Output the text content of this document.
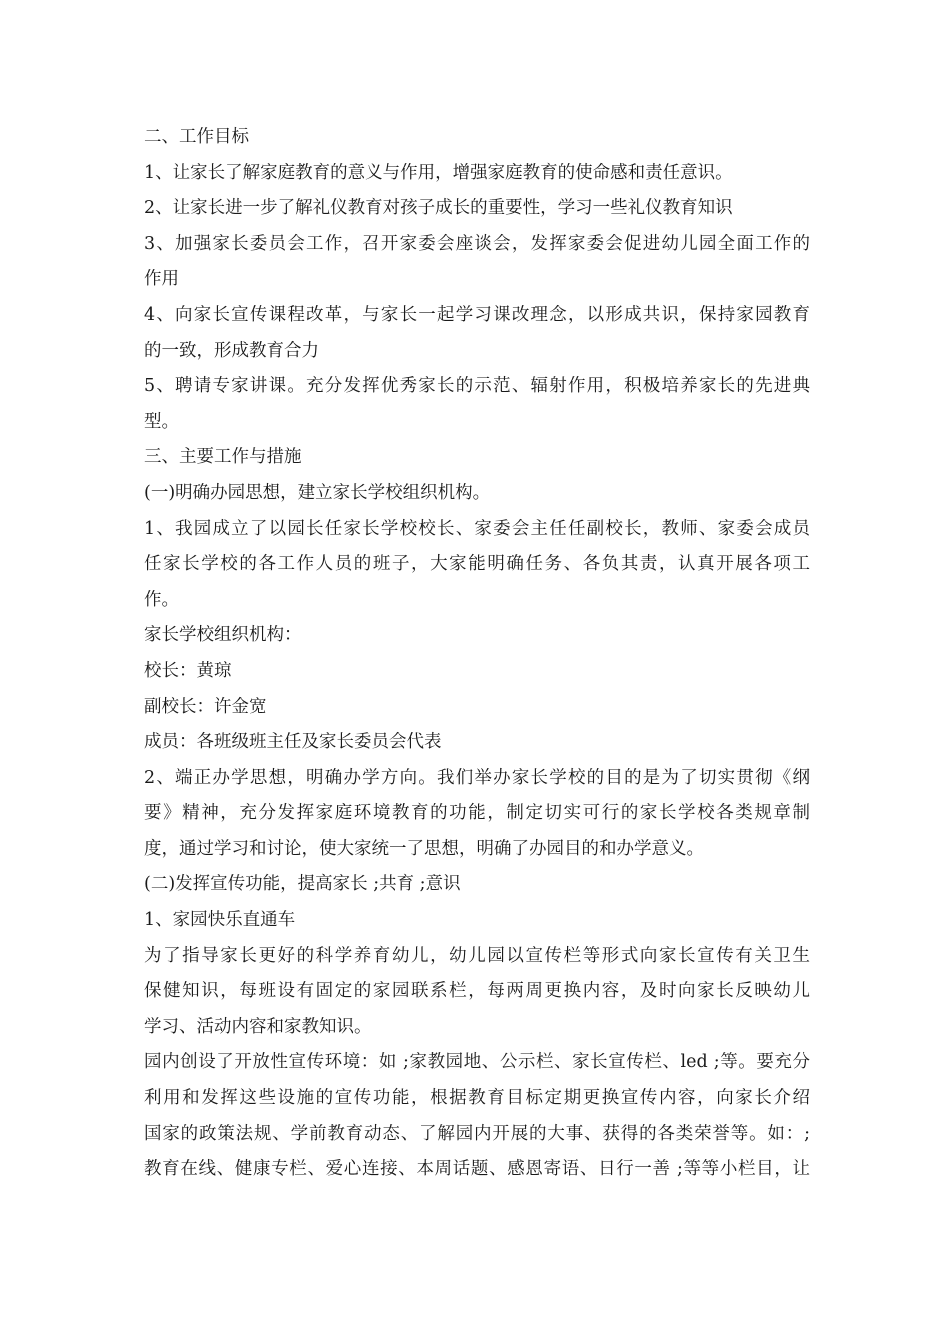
二、工作目标
1、让家长了解家庭教育的意义与作用，增强家庭教育的使命感和责任意识。
2、让家长进一步了解礼仪教育对孩子成长的重要性，学习一些礼仪教育知识
3、加强家长委员会工作，召开家委会座谈会，发挥家委会促进幼儿园全面工作的
作用
4、向家长宣传课程改革，与家长一起学习课改理念，以形成共识，保持家园教育
的一致，形成教育合力
5、聘请专家讲课。充分发挥优秀家长的示范、辐射作用，积极培养家长的先进典
型。
三、主要工作与措施
(一)明确办园思想，建立家长学校组织机构。
1、我园成立了以园长任家长学校校长、家委会主任任副校长，教师、家委会成员
任家长学校的各工作人员的班子，大家能明确任务、各负其责，认真开展各项工
作。
家长学校组织机构：
校长：黄琼
副校长：许金宽
成员：各班级班主任及家长委员会代表
2、端正办学思想，明确办学方向。我们举办家长学校的目的是为了切实贯彻《纲
要》精神，充分发挥家庭环境教育的功能，制定切实可行的家长学校各类规章制
度，通过学习和讨论，使大家统一了思想，明确了办园目的和办学意义。
(二)发挥宣传功能，提高家长 ;共育 ;意识
1、家园快乐直通车
为了指导家长更好的科学养育幼儿，幼儿园以宣传栏等形式向家长宣传有关卫生
保健知识，每班设有固定的家园联系栏，每两周更换内容，及时向家长反映幼儿
学习、活动内容和家教知识。
园内创设了开放性宣传环境：如 ;家教园地、公示栏、家长宣传栏、led ;等。要充分
利用和发挥这些设施的宣传功能，根据教育目标定期更换宣传内容，向家长介绍
国家的政策法规、学前教育动态、了解园内开展的大事、获得的各类荣誉等。如：;
教育在线、健康专栏、爱心连接、本周话题、感恩寄语、日行一善 ;等等小栏目，让
